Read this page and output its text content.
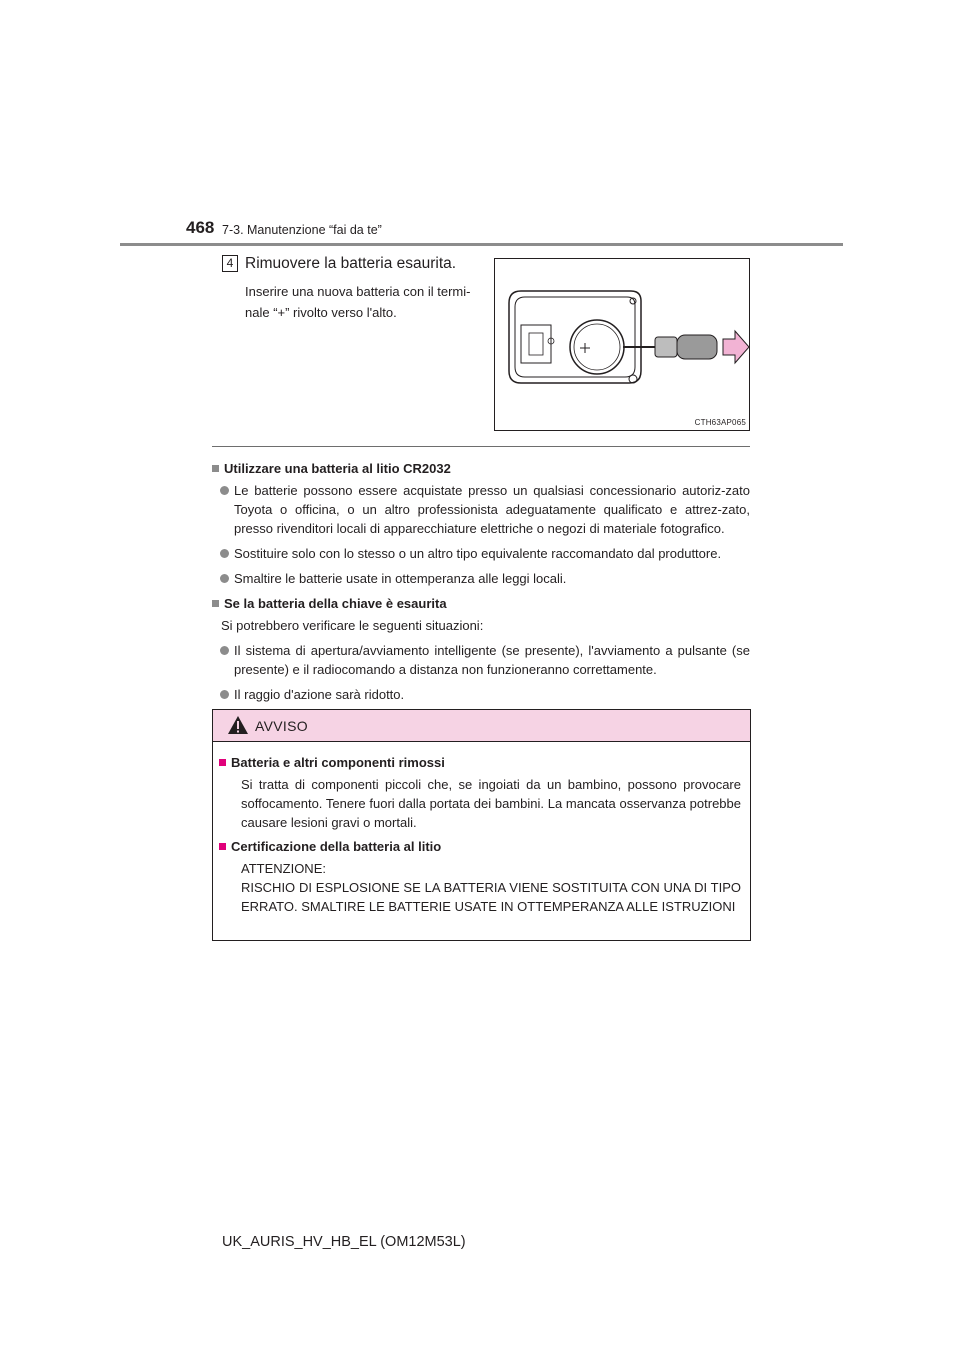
468 7-3. Manutenzione “fai da te”
4 Rimuovere la batteria esaurita.
Inserire una nuova batteria con il termi-nale “+” rivolto verso l'alto.
CTH63AP065
Utilizzare una batteria al litio CR2032
Le batterie possono essere acquistate presso un qualsiasi concessionario autoriz-zato Toyota o officina, o un altro professionista adeguatamente qualificato e attrez-zato, presso rivenditori locali di apparecchiature elettriche o negozi di materiale fotografico.
Sostituire solo con lo stesso o un altro tipo equivalente raccomandato dal produttore.
Smaltire le batterie usate in ottemperanza alle leggi locali.
Se la batteria della chiave è esaurita
Si potrebbero verificare le seguenti situazioni:
Il sistema di apertura/avviamento intelligente (se presente), l'avviamento a pulsante (se presente) e il radiocomando a distanza non funzioneranno correttamente.
Il raggio d'azione sarà ridotto.
AVVISO
Batteria e altri componenti rimossi
Si tratta di componenti piccoli che, se ingoiati da un bambino, possono provocare soffocamento. Tenere fuori dalla portata dei bambini. La mancata osservanza potrebbe causare lesioni gravi o mortali.
Certificazione della batteria al litio
ATTENZIONE:
RISCHIO DI ESPLOSIONE SE LA BATTERIA VIENE SOSTITUITA CON UNA DI TIPO ERRATO. SMALTIRE LE BATTERIE USATE IN OTTEMPERANZA ALLE ISTRUZIONI
UK_AURIS_HV_HB_EL (OM12M53L)
